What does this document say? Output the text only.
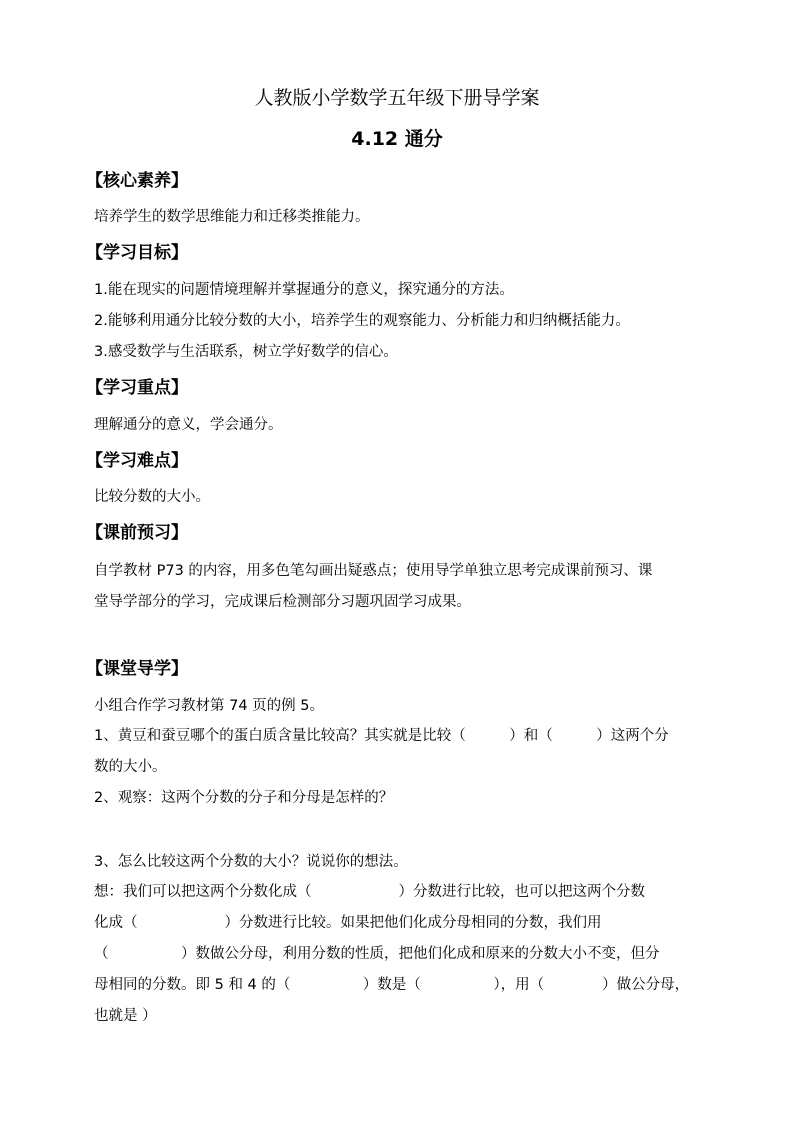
人教版小学数学五年级下册导学案
4.12 通分
【核心素养】
培养学生的数学思维能力和迁移类推能力。
【学习目标】
1.能在现实的问题情境理解并掌握通分的意义，探究通分的方法。
2.能够利用通分比较分数的大小，培养学生的观察能力、分析能力和归纳概括能力。
3.感受数学与生活联系，树立学好数学的信心。
【学习重点】
理解通分的意义，学会通分。
【学习难点】
比较分数的大小。
【课前预习】
自学教材 P73 的内容，用多色笔勾画出疑惑点；使用导学单独立思考完成课前预习、课
堂导学部分的学习，完成课后检测部分习题巩固学习成果。
【课堂导学】
小组合作学习教材第 74 页的例 5。
1、黄豆和蚕豆哪个的蛋白质含量比较高？其实就是比较（　　　）和（　　　）这两个分
数的大小。
2、观察：这两个分数的分子和分母是怎样的？
3、怎么比较这两个分数的大小？说说你的想法。
想：我们可以把这两个分数化成（　　　　　　）分数进行比较，也可以把这两个分数
化成（　　　　　　）分数进行比较。如果把他们化成分母相同的分数，我们用
（　　　　　）数做公分母，利用分数的性质，把他们化成和原来的分数大小不变，但分
母相同的分数。即 5 和 4 的（　　　　　）数是（　　　　　），用（　　　　）做公分母，
也就是 ）
